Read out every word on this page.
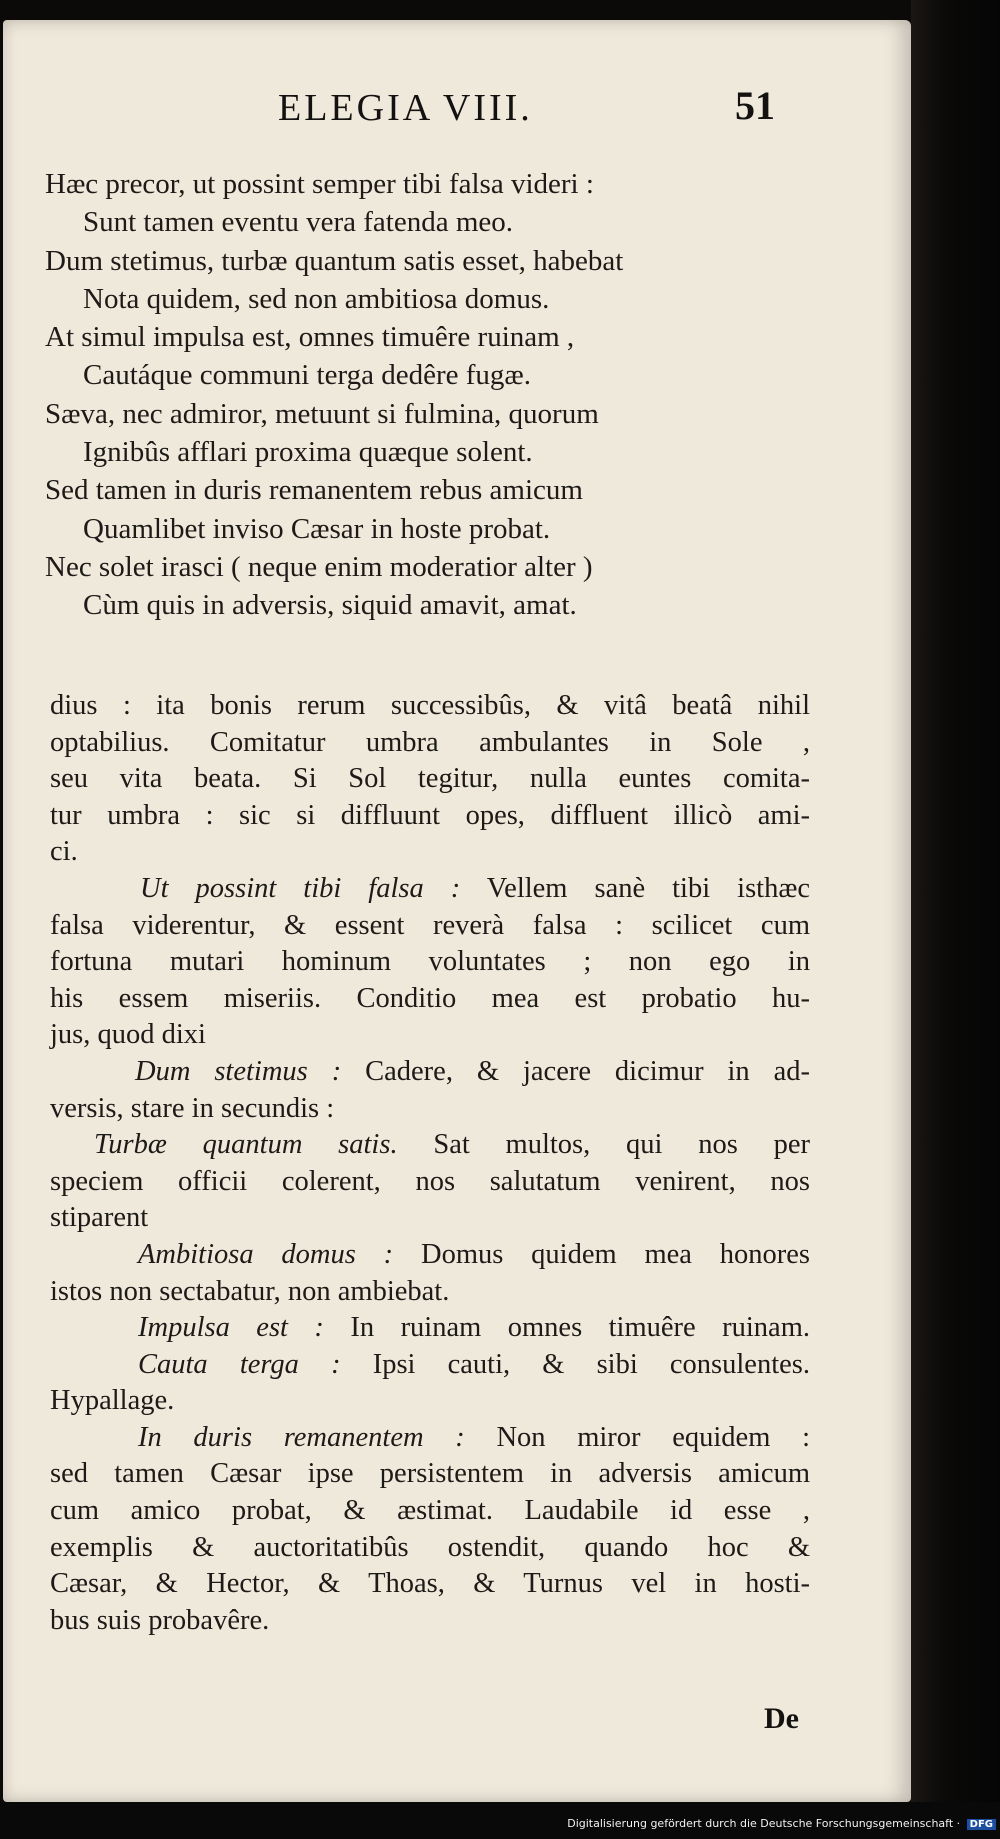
ELEGIA VIII.	51
Hæc precor, ut possint semper tibi falsa videri :
Sunt tamen eventu vera fatenda meo.
Dum stetimus, turbæ quantum satis esset, habebat
Nota quidem, sed non ambitiosa domus.
At simul impulsa est, omnes timuêre ruinam ,
Cautáque communi terga dedêre fugæ.
Sæva, nec admiror, metuunt si fulmina, quorum
Ignibûs afflari proxima quæque solent.
Sed tamen in duris remanentem rebus amicum
Quamlibet inviso Cæsar in hoste probat.
Nec solet irasci ( neque enim moderatior alter )
Cùm quis in adversis, siquid amavit, amat.
dius : ita bonis rerum successibûs, & vitâ beatâ nihil
optabilius. Comitatur umbra ambulantes in Sole ,
seu vita beata. Si Sol tegitur, nulla euntes comita-
tur umbra : sic si diffluunt opes, diffluent illicò ami-
ci.
Ut possint tibi falsa : Vellem sanè tibi isthæc
falsa viderentur, & essent reverà falsa : scilicet cum
fortuna mutari hominum voluntates ; non ego in
his essem miseriis. Conditio mea est probatio hu-
jus, quod dixi
Dum stetimus : Cadere, & jacere dicimur in ad-
versis, stare in secundis :
Turbæ quantum satis. Sat multos, qui nos per
speciem officii colerent, nos salutatum venirent, nos
stiparent
Ambitiosa domus : Domus quidem mea honores
istos non sectabatur, non ambiebat.
Impulsa est : In ruinam omnes timuêre ruinam.
Cauta terga : Ipsi cauti, & sibi consulentes.
Hypallage.
In duris remanentem : Non miror equidem :
sed tamen Cæsar ipse persistentem in adversis amicum
cum amico probat, & æstimat. Laudabile id esse ,
exemplis & auctoritatibûs ostendit, quando hoc &
Cæsar, & Hector, & Thoas, & Turnus vel in hosti-
bus suis probavêre.
De
Digitalisierung gefördert durch die Deutsche Forschungsgemeinschaft · DFG
